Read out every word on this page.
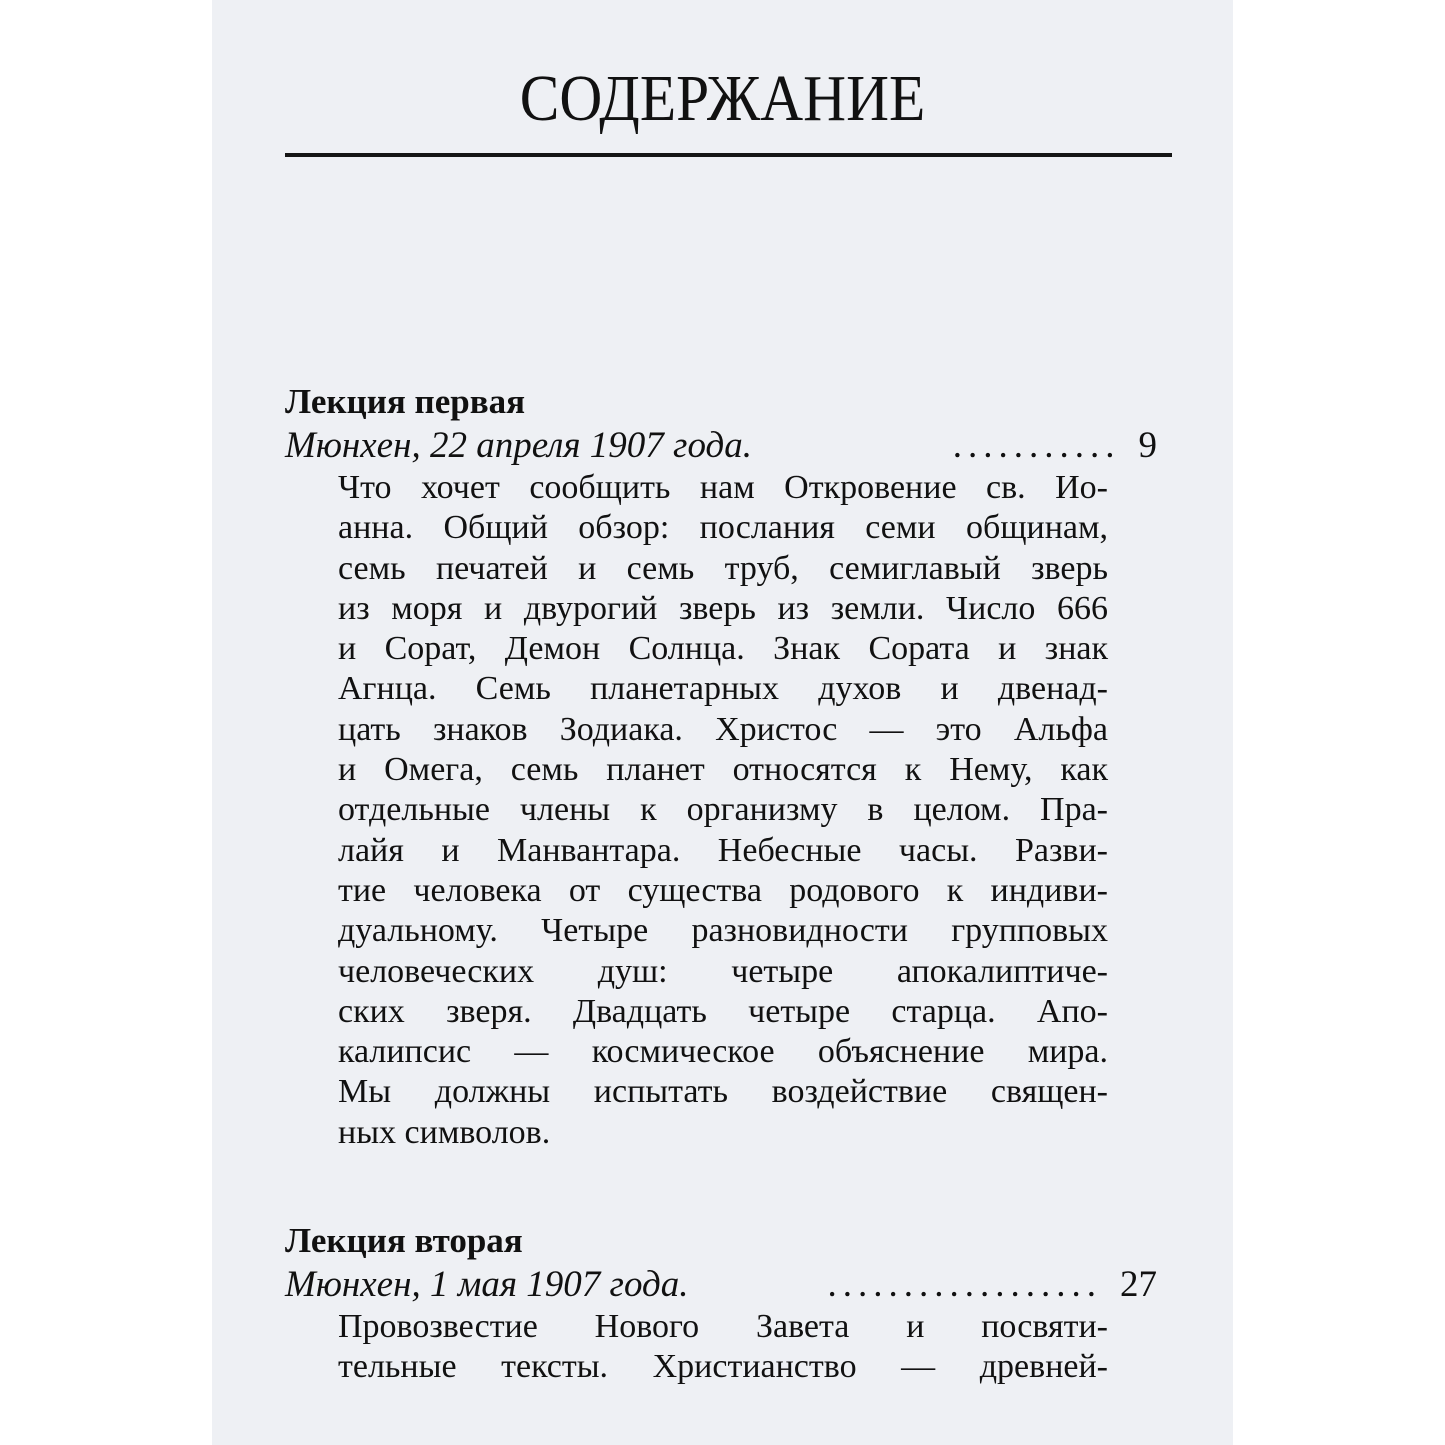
СОДЕРЖАНИЕ
Лекция первая
Мюнхен, 22 апреля 1907 года.	........... 9
Что хочет сообщить нам Откровение св. Ио-
анна. Общий обзор: послания семи общинам,
семь печатей и семь труб, семиглавый зверь
из моря и двурогий зверь из земли. Число 666
и Сорат, Демон Солнца. Знак Сората и знак
Агнца. Семь планетарных духов и двенад-
цать знаков Зодиака. Христос — это Альфа
и Омега, семь планет относятся к Нему, как
отдельные члены к организму в целом. Пра-
лайя и Манвантара. Небесные часы. Разви-
тие человека от существа родового к индиви-
дуальному. Четыре разновидности групповых
человеческих душ: четыре апокалиптиче-
ских зверя. Двадцать четыре старца. Апо-
калипсис — космическое объяснение мира.
Мы должны испытать воздействие священ-
ных символов.
Лекция вторая
Мюнхен, 1 мая 1907 года.	.................. 27
Провозвестие Нового Завета и посвяти-
тельные тексты. Христианство — древней-
